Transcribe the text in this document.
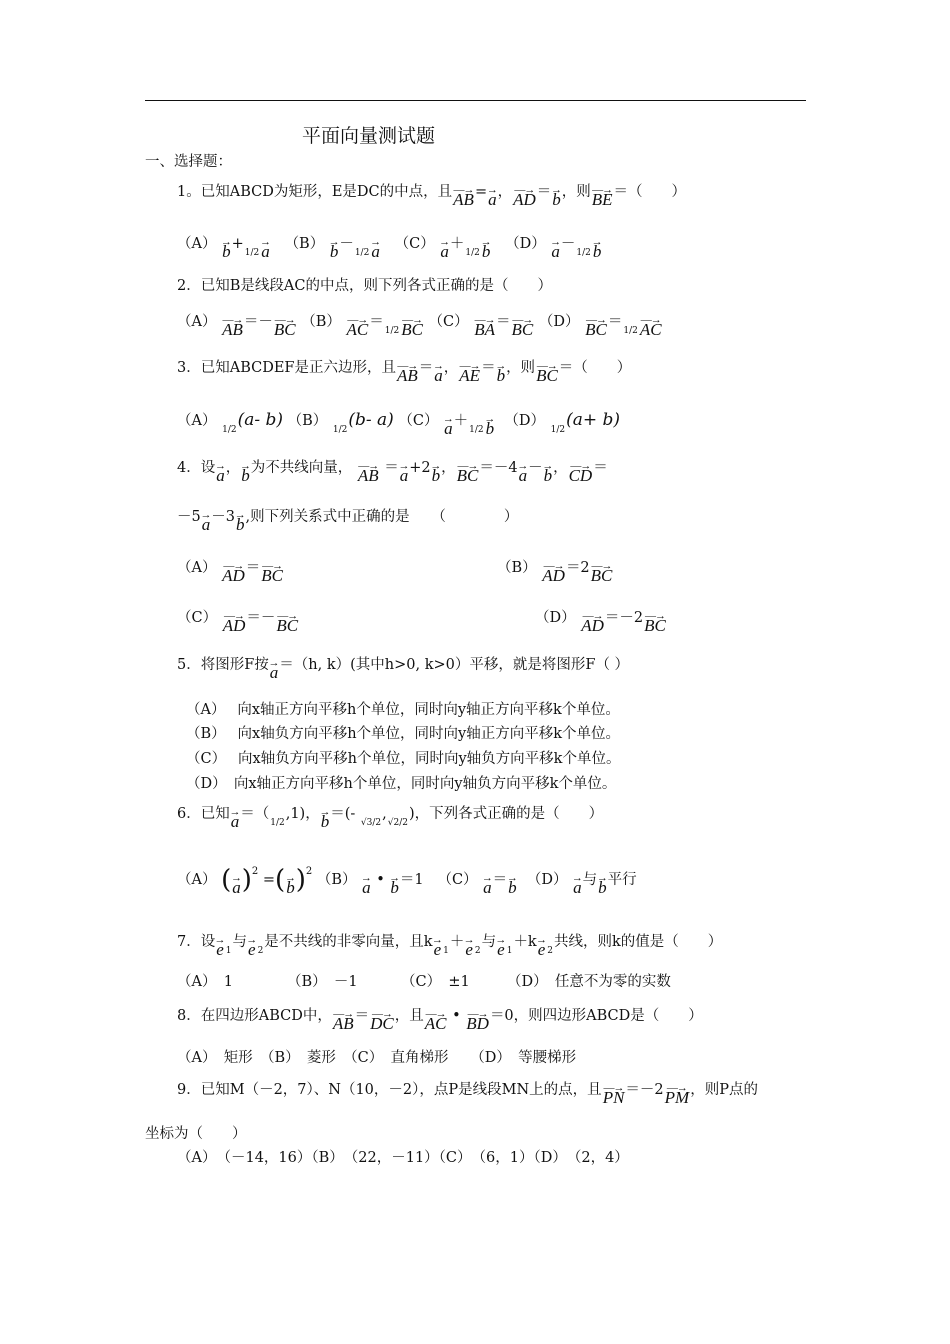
平面向量测试题
一、选择题：
1。已知ABCD为矩形，E是DC的中点，且—→ AB=→ a，—→ AD＝→ b，则—→ BE＝（　　）
（A） → b+1/2 → a （B） → b－1/2 → a （C） → a＋1/2 → b （D） → a－1/2 → b
2．已知B是线段AC的中点，则下列各式正确的是（　　）
（A） —→ AB＝－—→ BC （B） —→ AC＝1/2 —→ BC （C） —→ BA＝—→ BC （D） —→ BC＝1/2 —→ AC
3．已知ABCDEF是正六边形，且—→ AB＝→ a，—→ AE＝→ b，则—→ BC＝（　　）
（A） 1/2(a- b) （B） 1/2(b- a) （C） → a＋1/2 → b （D） 1/2(a+ b)
4．设→ a，→ b为不共线向量， —→ AB ＝→ a+2→ b，—→ BC＝－4→ a－→ b，—→ CD＝
－5→ a－3→ b,则下列关系式中正确的是　　（　　　　）
（A） —→ AD＝—→ BC	（B） —→ AD＝2—→ BC
（C） —→ AD＝－—→ BC	（D） —→ AD＝－2—→ BC
5．将图形F按→ a＝（h, k）(其中h>0, k>0）平移，就是将图形F（ ）
（A）　 向x轴正方向平移h个单位，同时向y轴正方向平移k个单位。
（B）　 向x轴负方向平移h个单位，同时向y轴正方向平移k个单位。
（C）　 向x轴负方向平移h个单位，同时向y轴负方向平移k个单位。
（D）　向x轴正方向平移h个单位，同时向y轴负方向平移k个单位。
6．已知→ a＝（1/2,1)，→ b＝(- √3/2,√2/2)，下列各式正确的是（　　）
（A） (→ a)$^2$ =(→ b)$^2$ （B） → a • → b＝1 （C） → a＝→ b （D） → a与→ b平行
7．设→ e 1与→ e 2是不共线的非零向量，且k→ e 1＋→ e 2与→ e 1＋k→ e 2共线，则k的值是（　　）
（A）　1	（B）　－1	（C）　±1	（D）　任意不为零的实数
8．在四边形ABCD中，—→ AB＝—→ DC，且—→ AC • —→ BD＝0，则四边形ABCD是（　　）
（A）　矩形　（B）　菱形　（C）　直角梯形　　（D）　等腰梯形
9．已知M（－2，7）、N（10，－2），点P是线段MN上的点，且—→ PN＝－2—→ PM，则P点的
坐标为（　　）
（A）　（－14，16）（B）　（22，－11）（C）　（6，1）（D）　（2，4）
